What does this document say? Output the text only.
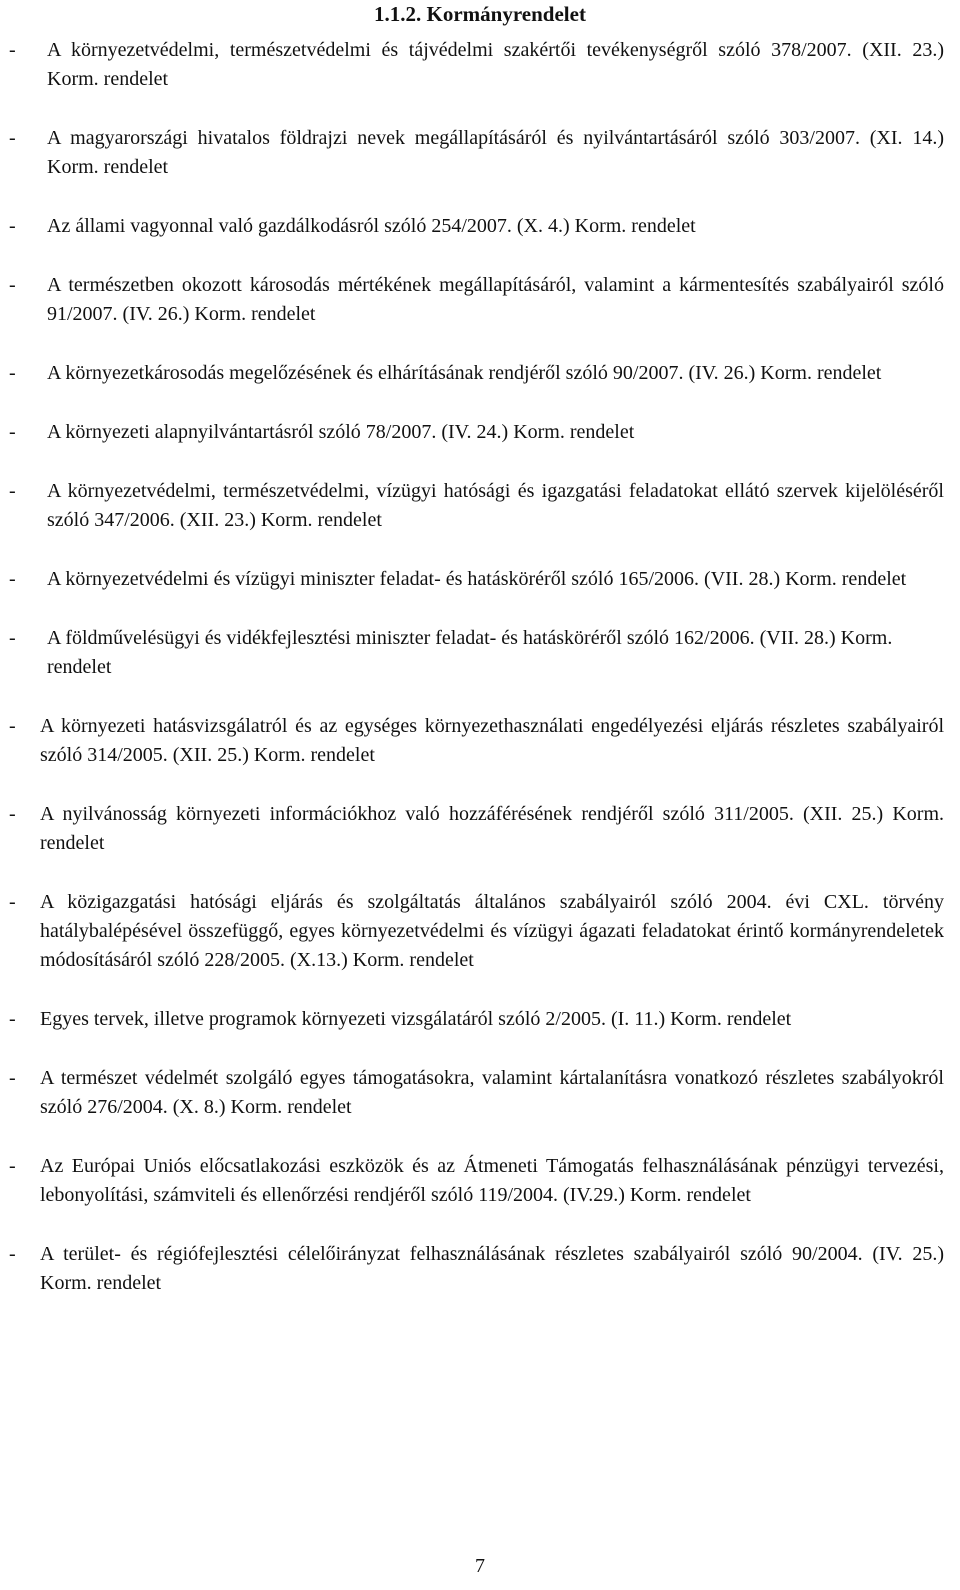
1.1.2. Kormányrendelet
- A környezetvédelmi, természetvédelmi és tájvédelmi szakértői tevékenységről szóló 378/2007. (XII. 23.) Korm. rendelet
- A magyarországi hivatalos földrajzi nevek megállapításáról és nyilvántartásáról szóló 303/2007. (XI. 14.) Korm. rendelet
- Az állami vagyonnal való gazdálkodásról szóló 254/2007. (X. 4.) Korm. rendelet
- A természetben okozott károsodás mértékének megállapításáról, valamint a kármentesítés szabályairól szóló 91/2007. (IV. 26.) Korm. rendelet
- A környezetkárosodás megelőzésének és elhárításának rendjéről szóló 90/2007. (IV. 26.) Korm. rendelet
- A környezeti alapnyilvántartásról szóló 78/2007. (IV. 24.) Korm. rendelet
- A környezetvédelmi, természetvédelmi, vízügyi hatósági és igazgatási feladatokat ellátó szervek kijelöléséről szóló 347/2006. (XII. 23.) Korm. rendelet
- A környezetvédelmi és vízügyi miniszter feladat- és hatásköréről szóló 165/2006. (VII. 28.) Korm. rendelet
- A földművelésügyi és vidékfejlesztési miniszter feladat- és hatásköréről szóló 162/2006. (VII. 28.) Korm. rendelet
- A környezeti hatásvizsgálatról és az egységes környezethasználati engedélyezési eljárás részletes szabályairól szóló 314/2005. (XII. 25.) Korm. rendelet
- A nyilvánosság környezeti információkhoz való hozzáférésének rendjéről szóló 311/2005. (XII. 25.) Korm. rendelet
- A közigazgatási hatósági eljárás és szolgáltatás általános szabályairól szóló 2004. évi CXL. törvény hatálybalépésével összefüggő, egyes környezetvédelmi és vízügyi ágazati feladatokat érintő kormányrendeletek módosításáról szóló 228/2005. (X.13.) Korm. rendelet
- Egyes tervek, illetve programok környezeti vizsgálatáról szóló 2/2005. (I. 11.) Korm. rendelet
- A természet védelmét szolgáló egyes támogatásokra, valamint kártalanításra vonatkozó részletes szabályokról szóló 276/2004. (X. 8.) Korm. rendelet
- Az Európai Uniós előcsatlakozási eszközök és az Átmeneti Támogatás felhasználásának pénzügyi tervezési, lebonyolítási, számviteli és ellenőrzési rendjéről szóló 119/2004. (IV.29.) Korm. rendelet
- A terület- és régiófejlesztési célelőirányzat felhasználásának részletes szabályairól szóló 90/2004. (IV. 25.) Korm. rendelet
7
